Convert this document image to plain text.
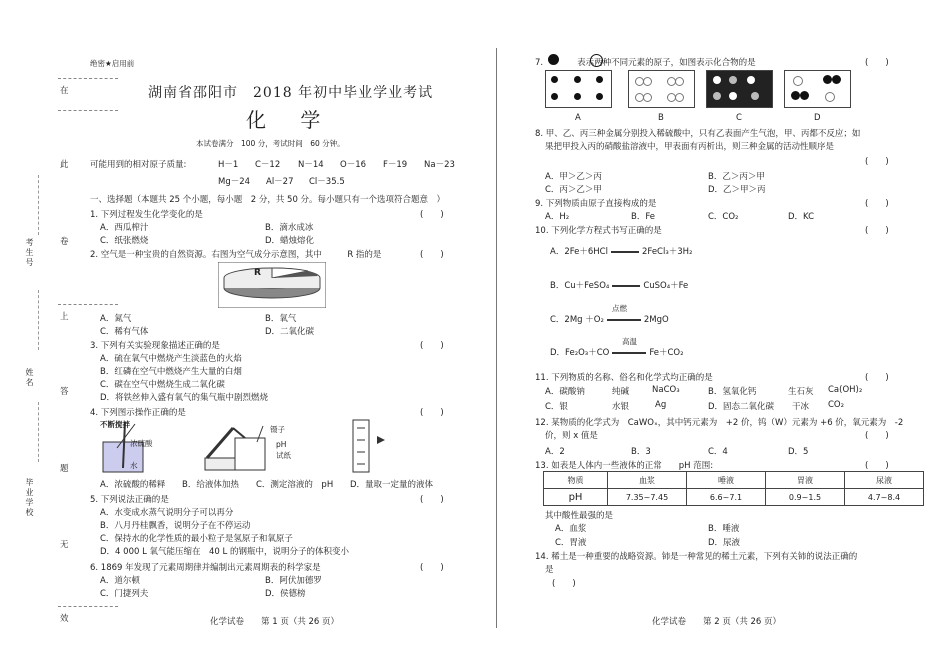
在
此
卷
上
答
题
无
效
考生号
姓名
毕业学校
绝密★启用前
湖南省邵阳市　2018 年初中毕业学业考试
化 学
本试卷满分　100 分，考试时间　60 分钟。
可能用到的相对原子质量:	H－1 C－12 N－14 O－16 F－19 Na－23
Mg－24 Al－27 Cl－35.5
一、选择题（本题共 25 个小题，每小题　2 分，共 50 分。每小题只有一个选项符合题意　）
1. 下列过程发生化学变化的是	(　　)
A．西瓜榨汁	B．滴水成冰
C．纸张燃烧	D．蜡烛熔化
2. 空气是一种宝贵的自然资源。右图为空气成分示意图，其中　　　R 指的是	(　　)
R
A．氮气	B．氧气
C．稀有气体	D．二氧化碳
3. 下列有关实验现象描述正确的是	(　　)
A．硫在氧气中燃烧产生淡蓝色的火焰
B．红磷在空气中燃烧产生大量的白烟
C．碳在空气中燃烧生成二氧化碳
D．将铁丝伸入盛有氧气的集气瓶中剧烈燃烧
4. 下列图示操作正确的是	(　　)
不断搅拌
浓硫酸
水
镊子
pH
试纸
A．浓硫酸的稀释 B．给液体加热 C．测定溶液的　pH D．量取一定量的液体
5. 下列说法正确的是	(　　)
A．水变成水蒸气说明分子可以再分
B．八月丹桂飘香，说明分子在不停运动
C．保持水的化学性质的最小粒子是氢原子和氧原子
D．4 000 L 氧气能压缩在　40 L 的钢瓶中，说明分子的体积变小
6. 1869 年发现了元素周期律并编制出元素周期表的科学家是	(　　)
A．道尔顿	B．阿伏加德罗
C．门捷列夫	D．侯德榜
化学试卷　　第 1 页（共 26 页）
7.　　　　表示两种不同元素的原子，如图表示化合物的是	(　　)
A	B	C	D
8. 甲、乙、丙三种金属分别投入稀硫酸中，只有乙表面产生气泡，甲、丙都不反应；如
果把甲投入丙的硝酸盐溶液中，甲表面有丙析出，则三种金属的活动性顺序是
(　　)
A．甲＞乙＞丙	B．乙＞丙＞甲
C．丙＞乙＞甲	D．乙＞甲＞丙
9. 下列物质由原子直接构成的是	(　　)
A．H₂	B．Fe	C．CO₂	D．KC
10. 下列化学方程式书写正确的是	(　　)
A．2Fe＋6HCl	2FeCl₃＋3H₂
B．Cu＋FeSO₄	CuSO₄＋Fe
点燃
C．2Mg ＋O₂	2MgO
高温
D．Fe₂O₃＋CO	Fe＋CO₂
11. 下列物质的名称、俗名和化学式均正确的是	(　　)
A．碳酸钠	纯碱	NaCO₃	B．氢氧化钙	生石灰 Ca(OH)₂
C．银	水银	Ag	D．固态二氧化碳 干冰 CO₂
12. 某物质的化学式为　CaWOₓ，其中钙元素为　+2 价，钨（W）元素为 +6 价，氧元素为　-2
价，则 x 值是	(　　)
A．2	B．3	C．4	D．5
13. 如表是人体内一些液体的正常　　pH 范围:	(　　)
物质	血浆	唾液	胃液	尿液
pH	7.35~7.45	6.6~7.1	0.9~1.5	4.7~8.4
其中酸性最强的是
A．血浆	B．唾液
C．胃液	D．尿液
14. 稀土是一种重要的战略资源。铈是一种常见的稀土元素，下列有关铈的说法正确的
是
(　　)
化学试卷　　第 2 页（共 26 页）
